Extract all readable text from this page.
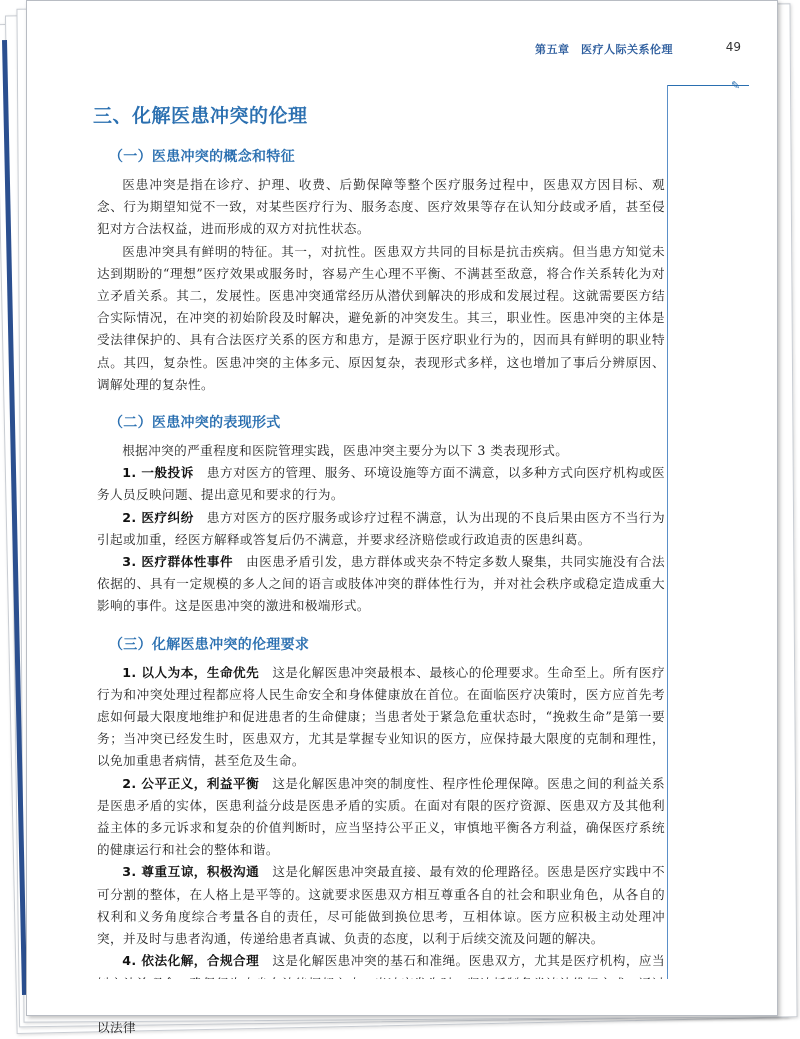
第五章　医疗人际关系伦理	49
✎
三、化解医患冲突的伦理
（一）医患冲突的概念和特征

医患冲突是指在诊疗、护理、收费、后勤保障等整个医疗服务过程中，医患双方因目标、观念、行为期望知觉不一致，对某些医疗行为、服务态度、医疗效果等存在认知分歧或矛盾，甚至侵犯对方合法权益，进而形成的双方对抗性状态。

医患冲突具有鲜明的特征。其一，对抗性。医患双方共同的目标是抗击疾病。但当患方知觉未达到期盼的“理想”医疗效果或服务时，容易产生心理不平衡、不满甚至敌意，将合作关系转化为对立矛盾关系。其二，发展性。医患冲突通常经历从潜伏到解决的形成和发展过程。这就需要医方结合实际情况，在冲突的初始阶段及时解决，避免新的冲突发生。其三，职业性。医患冲突的主体是受法律保护的、具有合法医疗关系的医方和患方，是源于医疗职业行为的，因而具有鲜明的职业特点。其四，复杂性。医患冲突的主体多元、原因复杂，表现形式多样，这也增加了事后分辨原因、调解处理的复杂性。

（二）医患冲突的表现形式

根据冲突的严重程度和医院管理实践，医患冲突主要分为以下 3 类表现形式。

1. 一般投诉　患方对医方的管理、服务、环境设施等方面不满意，以多种方式向医疗机构或医务人员反映问题、提出意见和要求的行为。

2. 医疗纠纷　患方对医方的医疗服务或诊疗过程不满意，认为出现的不良后果由医方不当行为引起或加重，经医方解释或答复后仍不满意，并要求经济赔偿或行政追责的医患纠葛。

3. 医疗群体性事件　由医患矛盾引发，患方群体或夹杂不特定多数人聚集，共同实施没有合法依据的、具有一定规模的多人之间的语言或肢体冲突的群体性行为，并对社会秩序或稳定造成重大影响的事件。这是医患冲突的激进和极端形式。

（三）化解医患冲突的伦理要求

1. 以人为本，生命优先　这是化解医患冲突最根本、最核心的伦理要求。生命至上。所有医疗行为和冲突处理过程都应将人民生命安全和身体健康放在首位。在面临医疗决策时，医方应首先考虑如何最大限度地维护和促进患者的生命健康；当患者处于紧急危重状态时，“挽救生命”是第一要务；当冲突已经发生时，医患双方，尤其是掌握专业知识的医方，应保持最大限度的克制和理性，以免加重患者病情，甚至危及生命。

2. 公平正义，利益平衡　这是化解医患冲突的制度性、程序性伦理保障。医患之间的利益关系是医患矛盾的实体，医患利益分歧是医患矛盾的实质。在面对有限的医疗资源、医患双方及其他利益主体的多元诉求和复杂的价值判断时，应当坚持公平正义，审慎地平衡各方利益，确保医疗系统的健康运行和社会的整体和谐。

3. 尊重互谅，积极沟通　这是化解医患冲突最直接、最有效的伦理路径。医患是医疗实践中不可分割的整体，在人格上是平等的。这就要求医患双方相互尊重各自的社会和职业角色，从各自的权利和义务角度综合考量各自的责任，尽可能做到换位思考，互相体谅。医方应积极主动处理冲突，并及时与患者沟通，传递给患者真诚、负责的态度，以利于后续交流及问题的解决。

4. 依法化解，合规合理　这是化解医患冲突的基石和准绳。医患双方，尤其是医疗机构，应当 以法律
